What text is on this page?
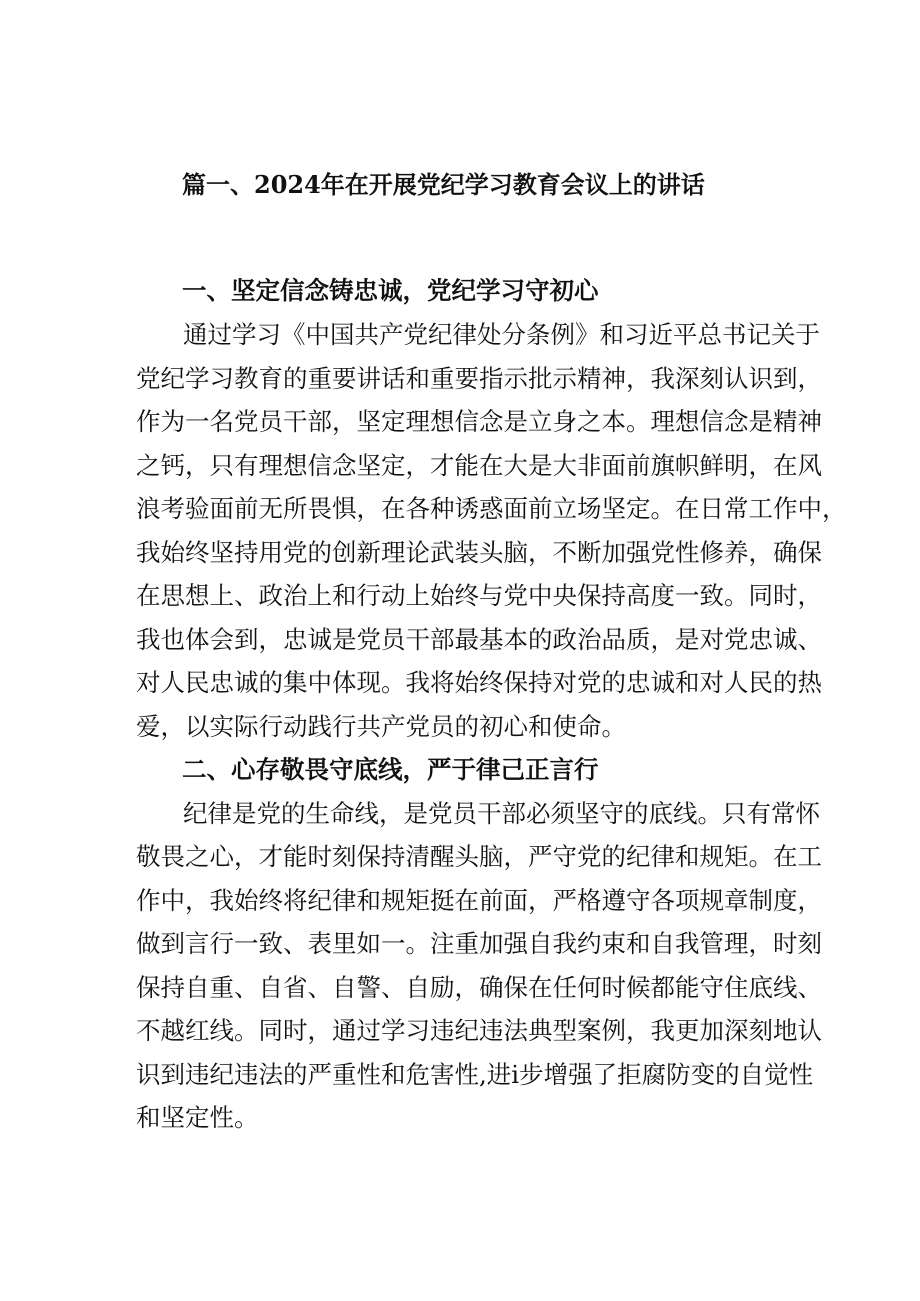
篇一、2024年在开展党纪学习教育会议上的讲话
一、坚定信念铸忠诚，党纪学习守初心
通过学习《中国共产党纪律处分条例》和习近平总书记关于
党纪学习教育的重要讲话和重要指示批示精神，我深刻认识到，
作为一名党员干部，坚定理想信念是立身之本。理想信念是精神
之钙，只有理想信念坚定，才能在大是大非面前旗帜鲜明，在风
浪考验面前无所畏惧，在各种诱惑面前立场坚定。在日常工作中，
我始终坚持用党的创新理论武装头脑，不断加强党性修养，确保
在思想上、政治上和行动上始终与党中央保持高度一致。同时，
我也体会到，忠诚是党员干部最基本的政治品质，是对党忠诚、
对人民忠诚的集中体现。我将始终保持对党的忠诚和对人民的热
爱，以实际行动践行共产党员的初心和使命。
二、心存敬畏守底线，严于律己正言行
纪律是党的生命线，是党员干部必须坚守的底线。只有常怀
敬畏之心，才能时刻保持清醒头脑，严守党的纪律和规矩。在工
作中，我始终将纪律和规矩挺在前面，严格遵守各项规章制度，
做到言行一致、表里如一。注重加强自我约束和自我管理，时刻
保持自重、自省、自警、自励，确保在任何时候都能守住底线、
不越红线。同时，通过学习违纪违法典型案例，我更加深刻地认
识到违纪违法的严重性和危害性,进i步增强了拒腐防变的自觉性
和坚定性。
